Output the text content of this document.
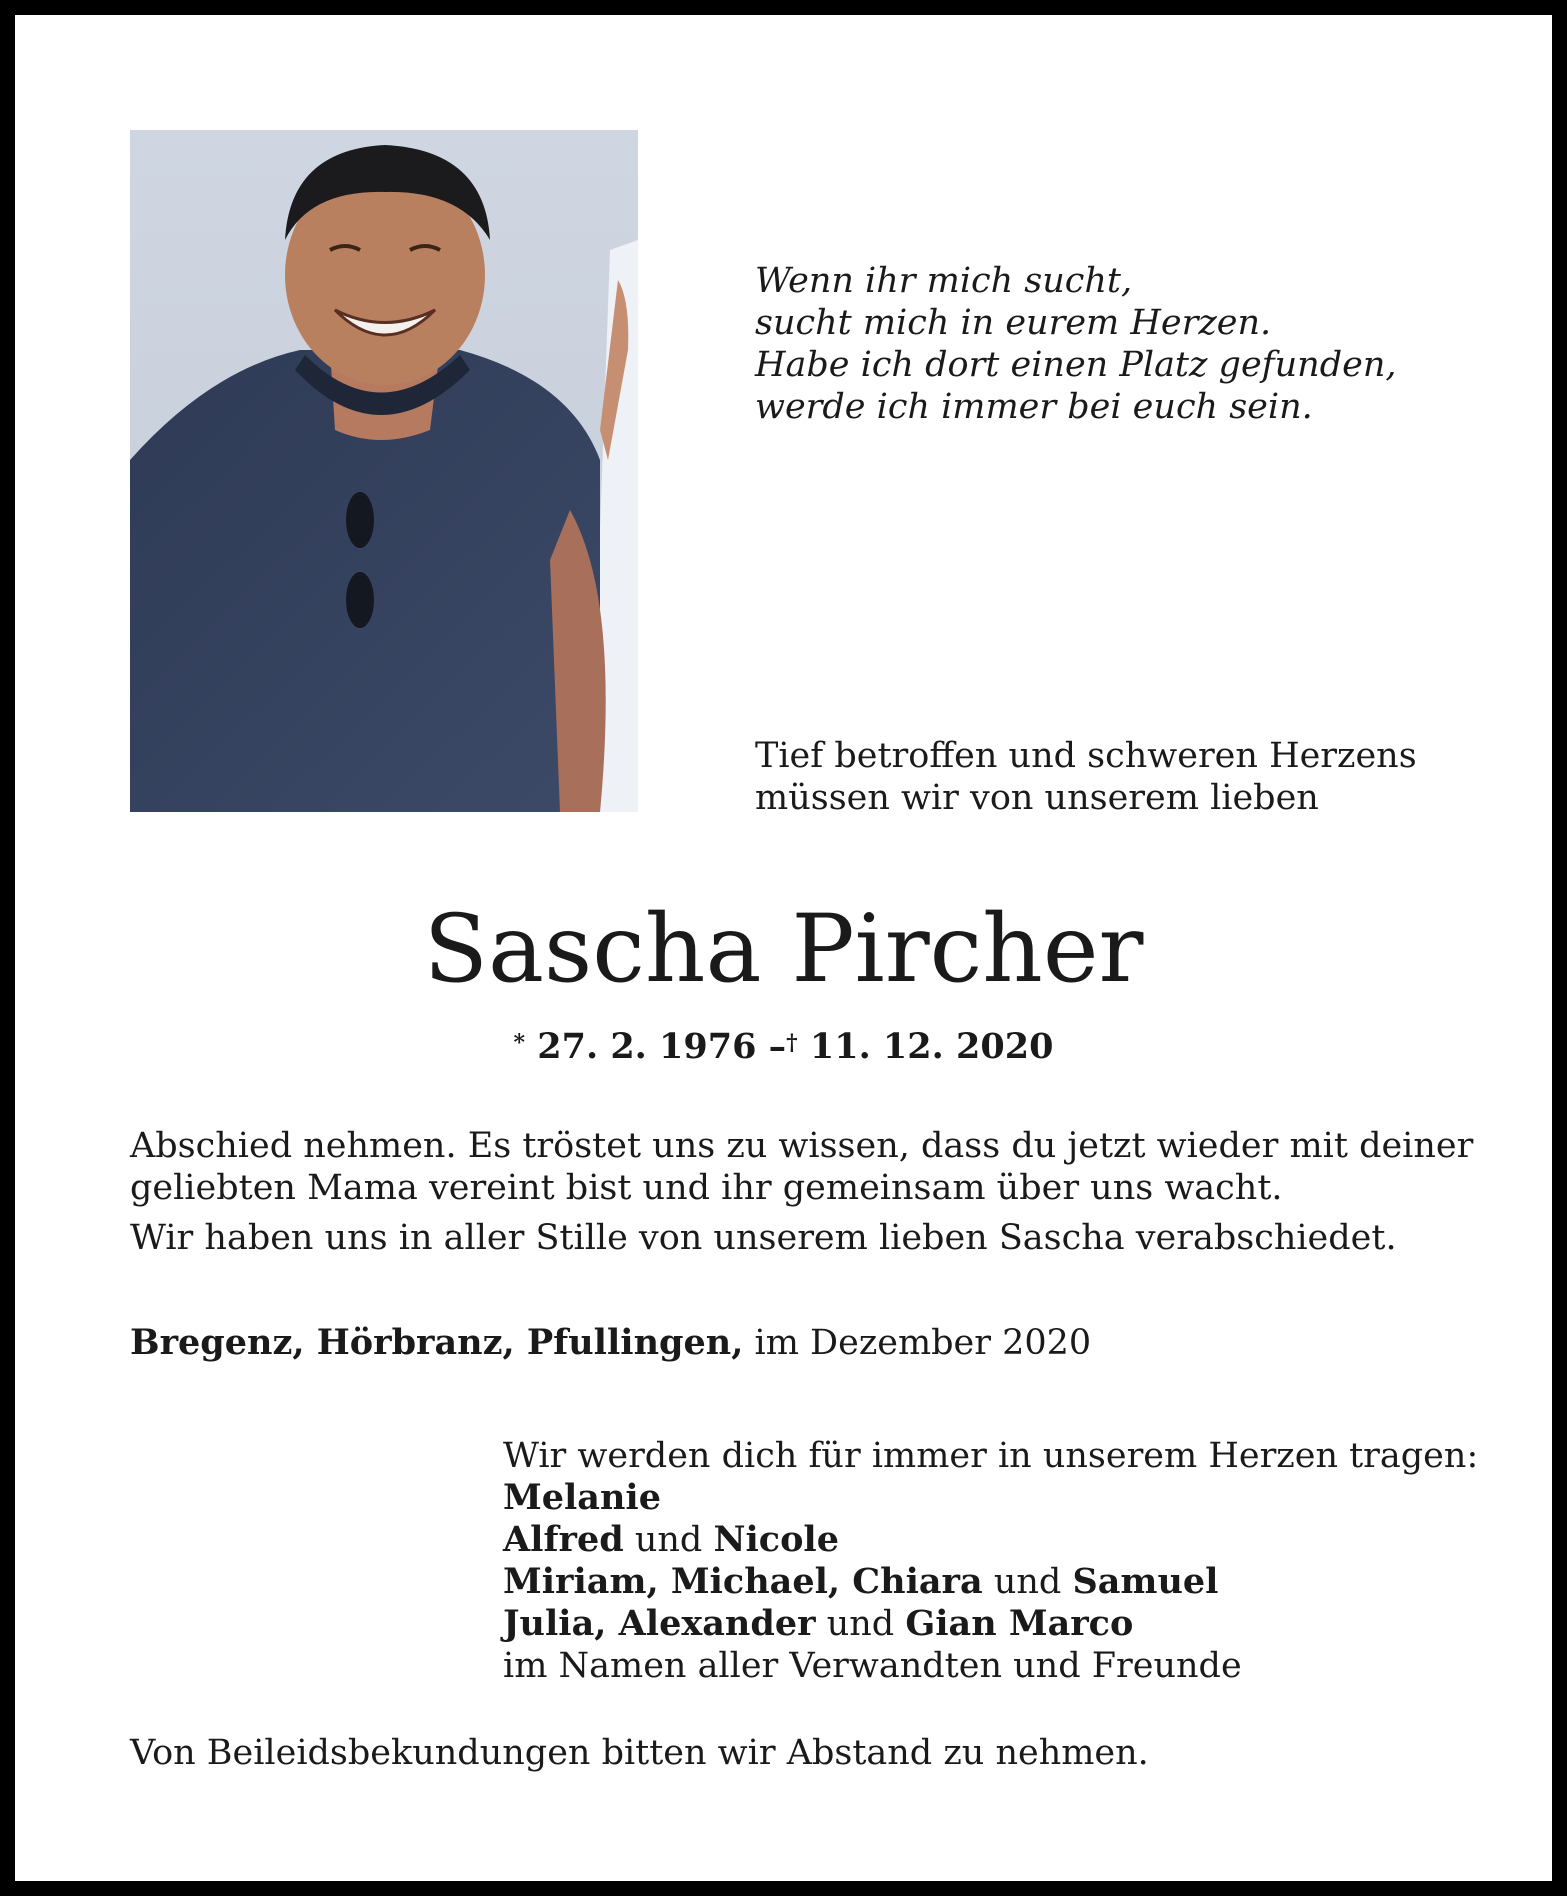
Wenn ihr mich sucht,
sucht mich in eurem Herzen.
Habe ich dort einen Platz gefunden,
werde ich immer bei euch sein.
Tief betroffen und schweren Herzens
müssen wir von unserem lieben
Sascha Pircher
* 27. 2. 1976 –† 11. 12. 2020
Abschied nehmen. Es tröstet uns zu wissen, dass du jetzt wieder mit deiner
geliebten Mama vereint bist und ihr gemeinsam über uns wacht.
Wir haben uns in aller Stille von unserem lieben Sascha verabschiedet.
Bregenz, Hörbranz, Pfullingen, im Dezember 2020
Wir werden dich für immer in unserem Herzen tragen:
Melanie
Alfred und Nicole
Miriam, Michael, Chiara und Samuel
Julia, Alexander und Gian Marco
im Namen aller Verwandten und Freunde
Von Beileidsbekundungen bitten wir Abstand zu nehmen.
